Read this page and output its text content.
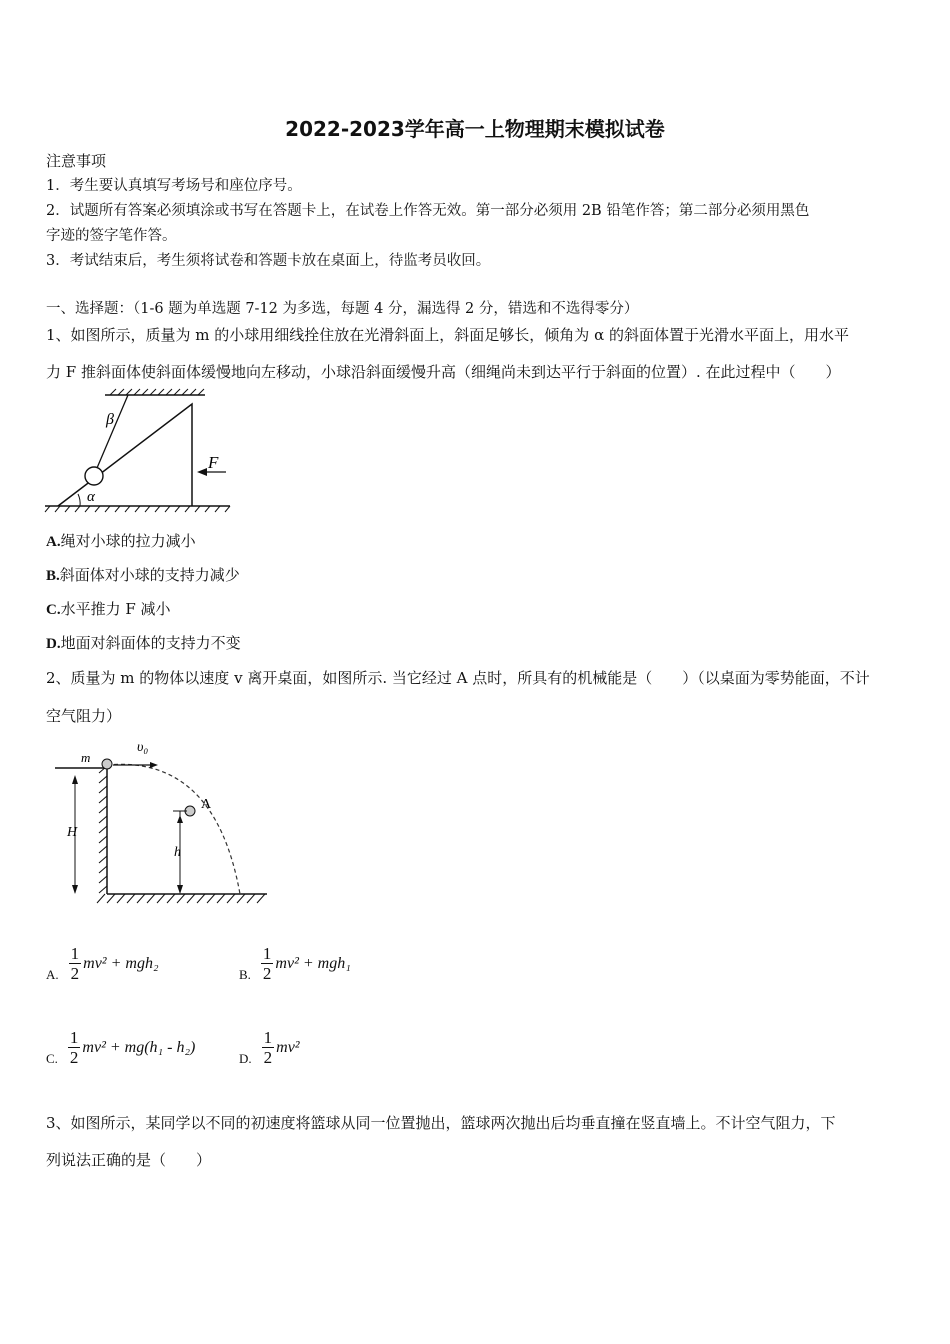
2022-2023学年高一上物理期末模拟试卷
注意事项
1．考生要认真填写考场号和座位序号。
2．试题所有答案必须填涂或书写在答题卡上，在试卷上作答无效。第一部分必须用 2B 铅笔作答；第二部分必须用黑色
字迹的签字笔作答。
3．考试结束后，考生须将试卷和答题卡放在桌面上，待监考员收回。
一、选择题：（1-6 题为单选题 7-12 为多选，每题 4 分，漏选得 2 分，错选和不选得零分）
1、如图所示，质量为 m 的小球用细线拴住放在光滑斜面上，斜面足够长，倾角为 α 的斜面体置于光滑水平面上，用水平
力 F 推斜面体使斜面体缓慢地向左移动，小球沿斜面缓慢升高（细绳尚未到达平行于斜面的位置）. 在此过程中（　　）
β
α
F
A.绳对小球的拉力减小
B.斜面体对小球的支持力减少
C.水平推力 F 减小
D.地面对斜面体的支持力不变
2、质量为 m 的物体以速度 v 离开桌面，如图所示. 当它经过 A 点时，所具有的机械能是（　　）（以桌面为零势能面，不计
空气阻力）
m
υ₀
A
H
h
A. $\frac{1}{2} mv^2 + mgh_2$
B. $\frac{1}{2} mv^2 + mgh_1$
C. $\frac{1}{2} mv^2 + mg(h_1 - h_2)$
D. $\frac{1}{2} mv^2$
3、如图所示，某同学以不同的初速度将篮球从同一位置抛出，篮球两次抛出后均垂直撞在竖直墙上。不计空气阻力，下
列说法正确的是（　　）
